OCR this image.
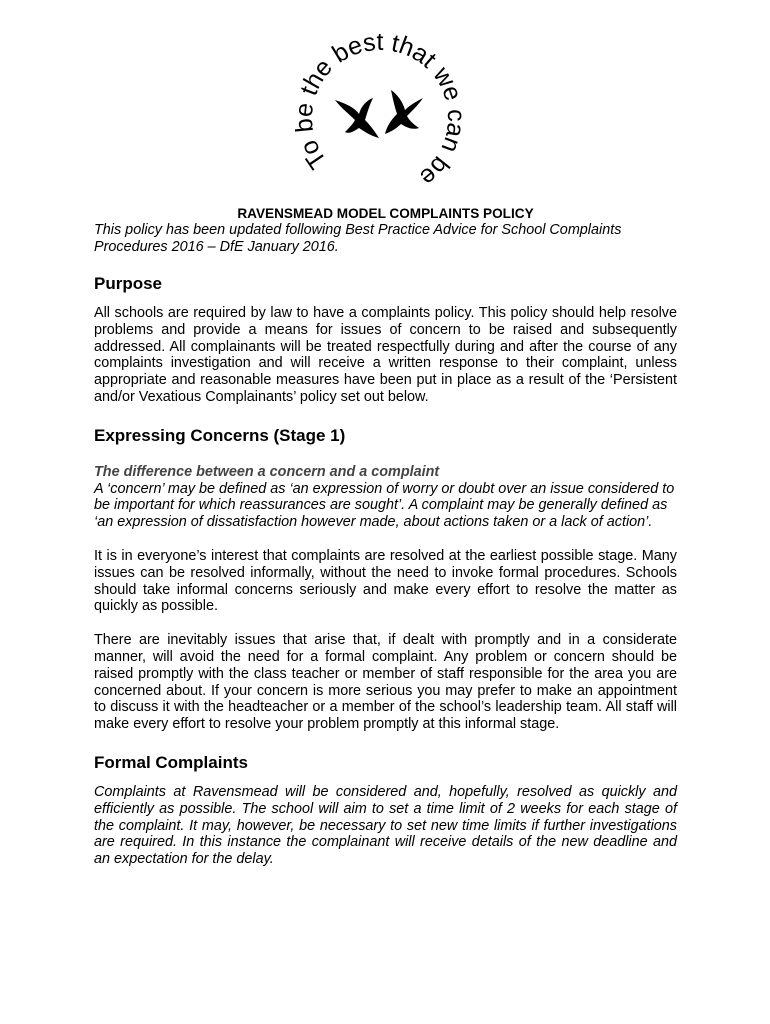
To the best that we n be
RAVENSMEAD MODEL COMPLAINTS POLICY
This policy has been updated following Best Practice Advice for School Complaints Procedures 2016 – DfE January 2016.
Purpose

All schools are required by law to have a complaints policy. This policy should help resolve problems and provide a means for issues of concern to be raised and subsequently addressed. All complainants will be treated respectfully during and after the course of any complaints investigation and will receive a written response to their complaint, unless appropriate and reasonable measures have been put in place as a result of the ‘Persistent and/or Vexatious Complainants’ policy set out below.

Expressing Concerns (Stage 1)
The difference between a concern and a complaint

A ‘concern’ may be defined as ‘an expression of worry or doubt over an issue considered to be important for which reassurances are sought’. A complaint may be generally defined as ‘an expression of dissatisfaction however made, about actions taken or a lack of action’.

It is in everyone’s interest that complaints are resolved at the earliest possible stage. Many issues can be resolved informally, without the need to invoke formal procedures. Schools should take informal concerns seriously and make every effort to resolve the matter as quickly as possible.

There are inevitably issues that arise that, if dealt with promptly and in a considerate manner, will avoid the need for a formal complaint. Any problem or concern should be raised promptly with the class teacher or member of staff responsible for the area you are concerned about. If your concern is more serious you may prefer to make an appointment to discuss it with the headteacher or a member of the school’s leadership team. All staff will make every effort to resolve your problem promptly at this informal stage.

Formal Complaints

Complaints at Ravensmead will be considered and, hopefully, resolved as quickly and efficiently as possible. The school will aim to set a time limit of 2 weeks for each stage of the complaint. It may, however, be necessary to set new time limits if further investigations are required. In this instance the complainant will receive details of the new deadline and an expectation for the delay.
